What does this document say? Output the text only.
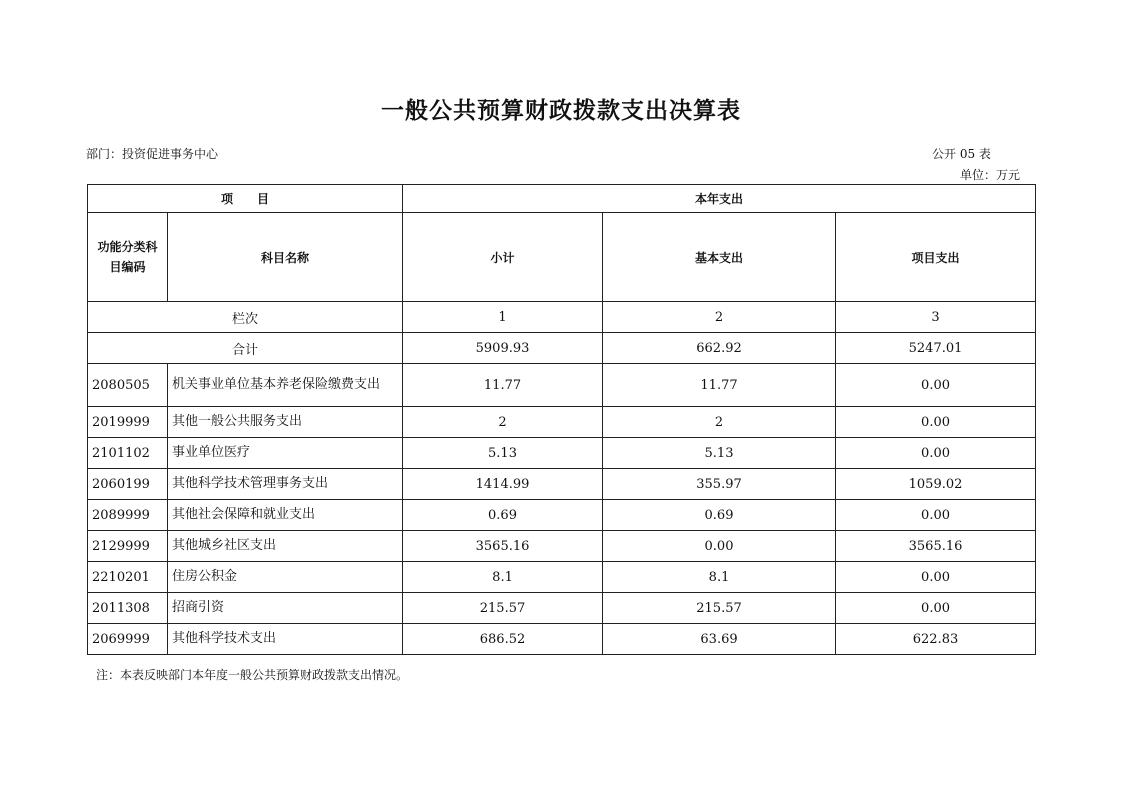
一般公共预算财政拨款支出决算表
部门：投资促进事务中心	公开 05 表
单位：万元
项　　目		本年支出		
功能分类科目编码	科目名称	小计	基本支出	项目支出
栏次		1	2	3
合计		5909.93	662.92	5247.01
2080505	机关事业单位基本养老保险缴费支出	11.77	11.77	0.00
2019999	其他一般公共服务支出	2	2	0.00
2101102	事业单位医疗	5.13	5.13	0.00
2060199	其他科学技术管理事务支出	1414.99	355.97	1059.02
2089999	其他社会保障和就业支出	0.69	0.69	0.00
2129999	其他城乡社区支出	3565.16	0.00	3565.16
2210201	住房公积金	8.1	8.1	0.00
2011308	招商引资	215.57	215.57	0.00
2069999	其他科学技术支出	686.52	63.69	622.83
注：本表反映部门本年度一般公共预算财政拨款支出情况。
